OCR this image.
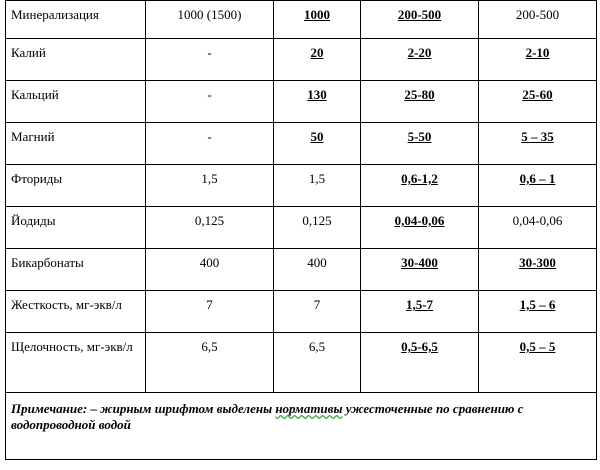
Минерализация	1000 (1500)	1000	200-500	200-500
Калий	-	20	2-20	2-10
Кальций	-	130	25-80	25-60
Магний	-	50	5-50	5 – 35
Фториды	1,5	1,5	0,6-1,2	0,6 – 1
Йодиды	0,125	0,125	0,04-0,06	0,04-0,06
Бикарбонаты	400	400	30-400	30-300
Жесткость, мг-экв/л	7	7	1,5-7	1,5 – 6
Щелочность, мг-экв/л	6,5	6,5	0,5-6,5	0,5 – 5
Примечание: – жирным шрифтом выделены нормативы ужесточенные по сравнению с водопроводной водой				
